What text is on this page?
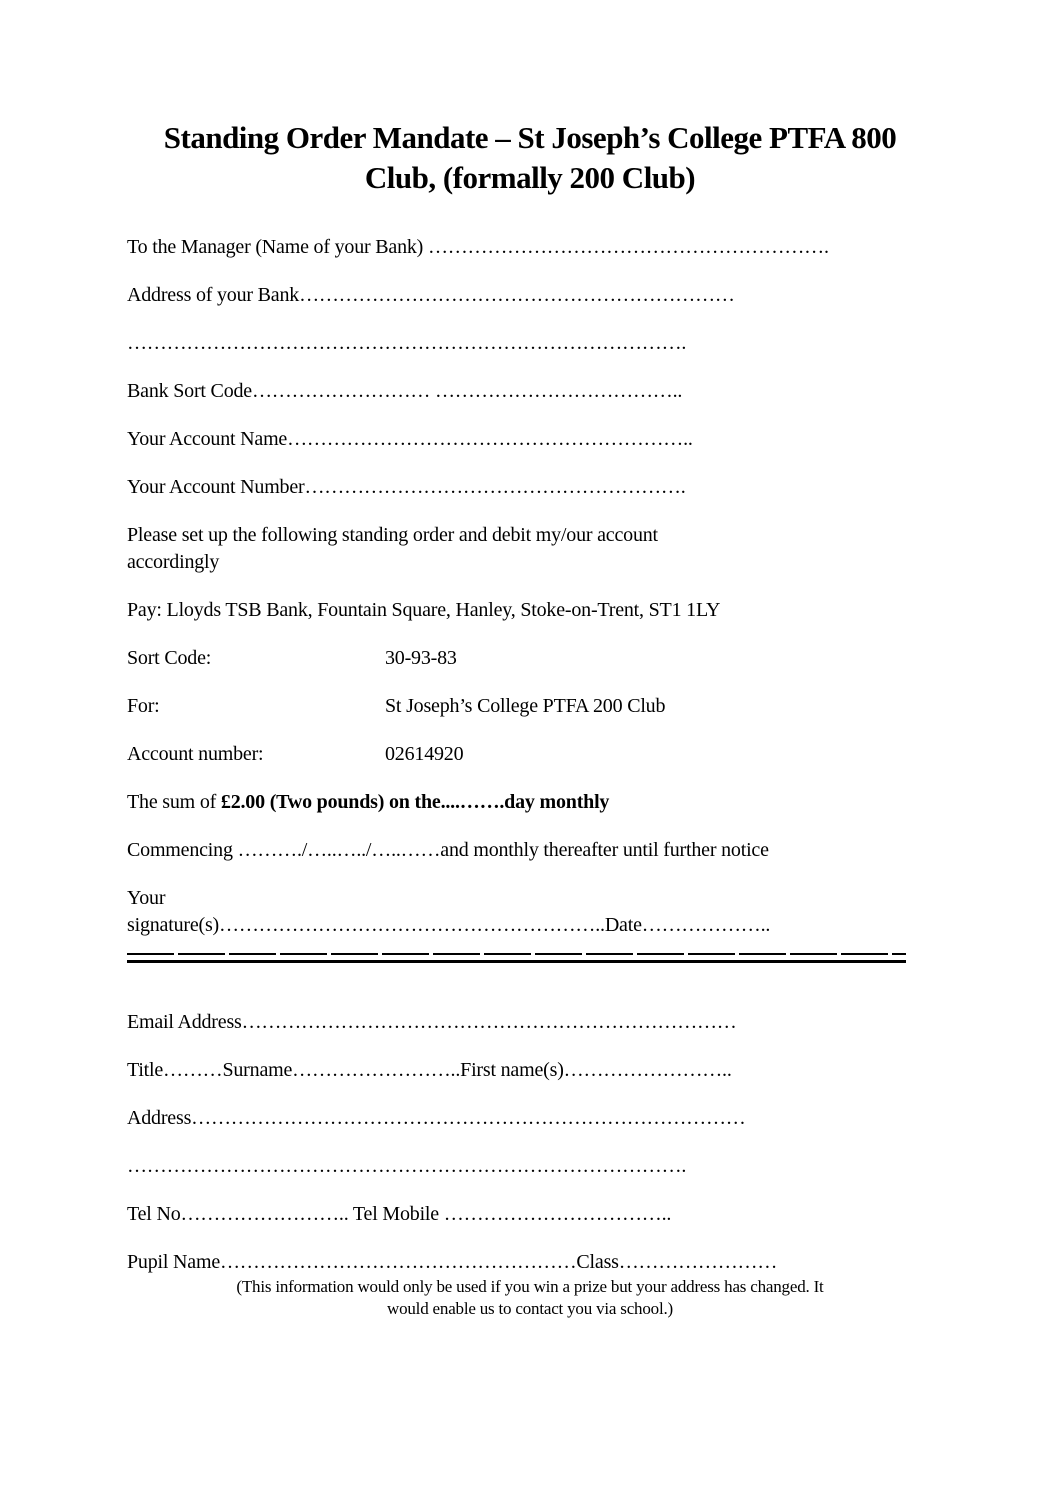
Standing Order Mandate – St Joseph’s College PTFA 800
Club, (formally 200 Club)

To the Manager (Name of your Bank) …………………………………………………….

Address of your Bank…………………………………………………………

………………………………………………………………………….

Bank Sort Code……………………… ………………………………..

Your Account Name……………………………………………………..

Your Account Number………………………………………………….

Please set up the following standing order and debit my/our account
accordingly

Pay: Lloyds TSB Bank, Fountain Square, Hanley, Stoke-on-Trent, ST1 1LY

Sort Code:	30-93-83

For:	St Joseph’s College PTFA 200 Club

Account number:	02614920

The sum of £2.00 (Two pounds) on the....…….day monthly

Commencing ………./…..…../…..……and monthly thereafter until further notice

Your
signature(s)…………………………………………………..Date………………..

Email Address…………………………………………………………………

Title………Surname……………………..First name(s)……………………..

Address…………………………………………………………………………

………………………………………………………………………….

Tel No…………………….. Tel Mobile ……………………………..

Pupil Name………………………………………………Class……………………

(This information would only be used if you win a prize but your address has changed. It
would enable us to contact you via school.)
